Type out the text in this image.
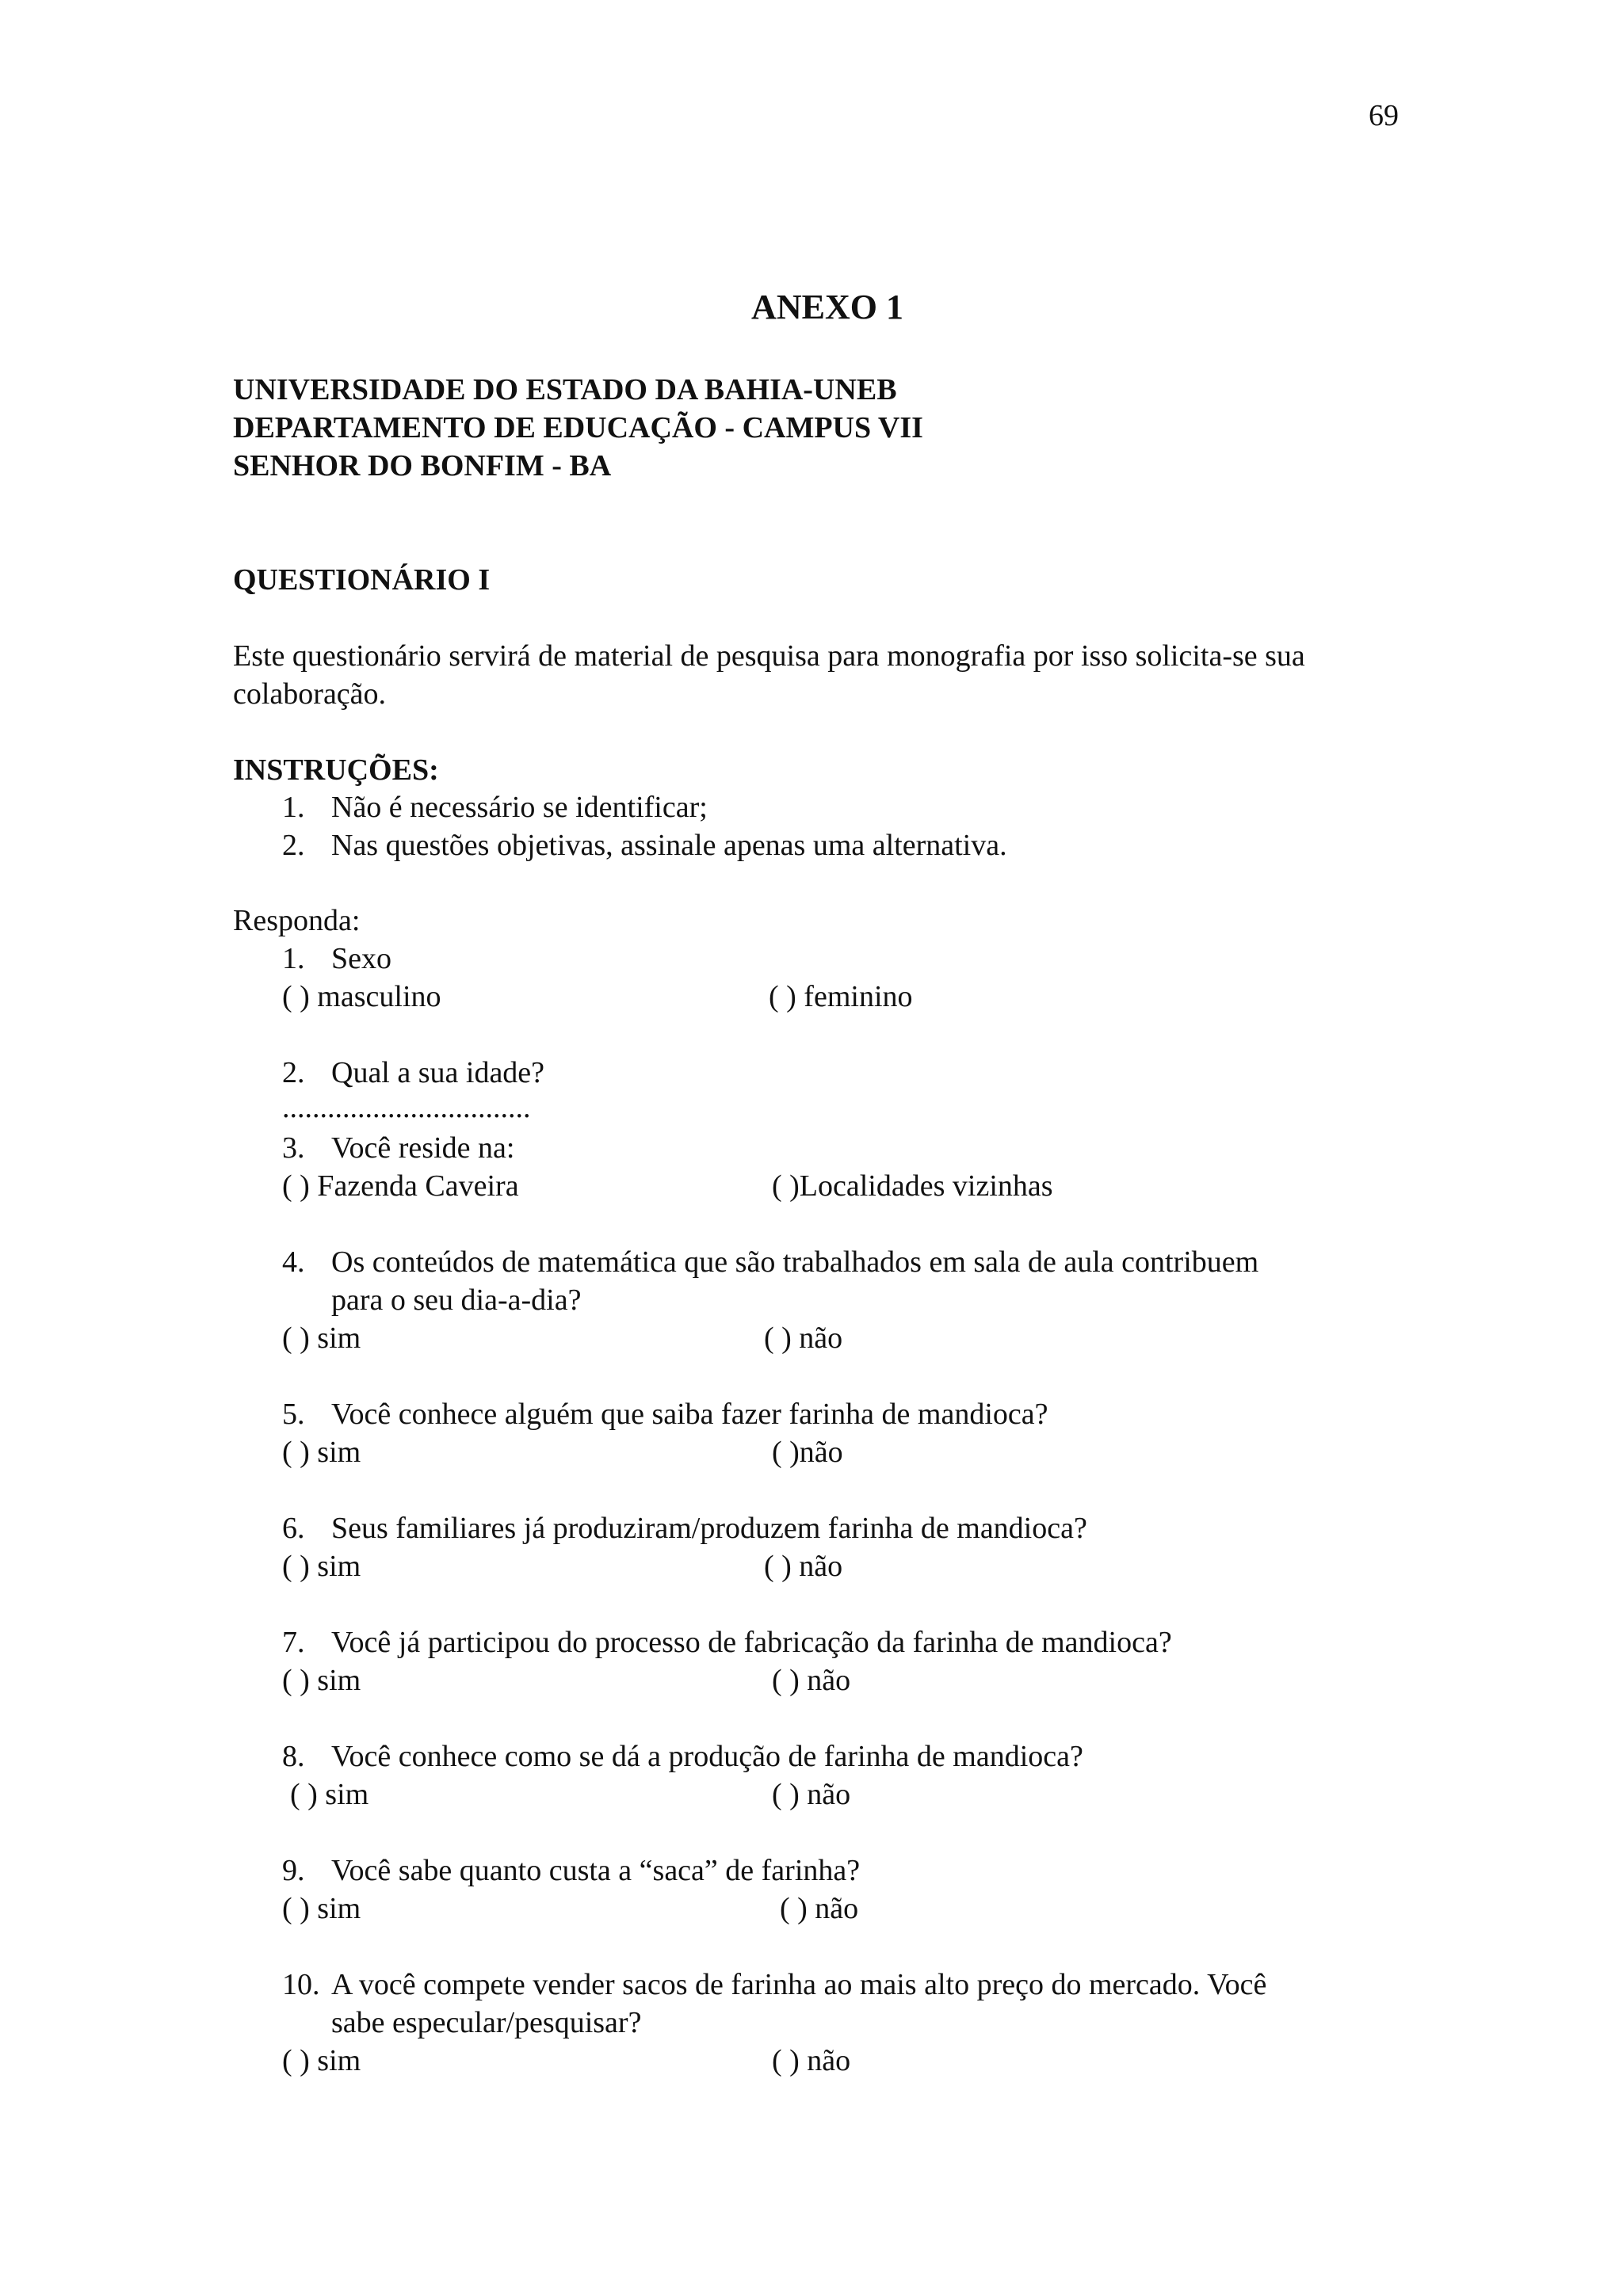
69
ANEXO 1
UNIVERSIDADE DO ESTADO DA BAHIA-UNEB
DEPARTAMENTO DE EDUCAÇÃO - CAMPUS VII
SENHOR DO BONFIM - BA
QUESTIONÁRIO I
Este questionário servirá de material de pesquisa para monografia por isso solicita-se sua colaboração.
INSTRUÇÕES:
1. Não é necessário se identificar;
2. Nas questões objetivas, assinale apenas uma alternativa.
Responda:
1. Sexo
( ) masculino	( ) feminino
2. Qual a sua idade?
.................................
3. Você reside na:
( ) Fazenda Caveira	( )Localidades vizinhas
4. Os conteúdos de matemática que são trabalhados em sala de aula contribuem
para o seu dia-a-dia?
( ) sim	( ) não
5. Você conhece alguém que saiba fazer farinha de mandioca?
( ) sim	( )não
6. Seus familiares já produziram/produzem farinha de mandioca?
( ) sim	( ) não
7. Você já participou do processo de fabricação da farinha de mandioca?
( ) sim	( ) não
8. Você conhece como se dá a produção de farinha de mandioca?
( ) sim	( ) não
9. Você sabe quanto custa a “saca” de farinha?
( ) sim	( ) não
10. A você compete vender sacos de farinha ao mais alto preço do mercado. Você
sabe especular/pesquisar?
( ) sim	( ) não
